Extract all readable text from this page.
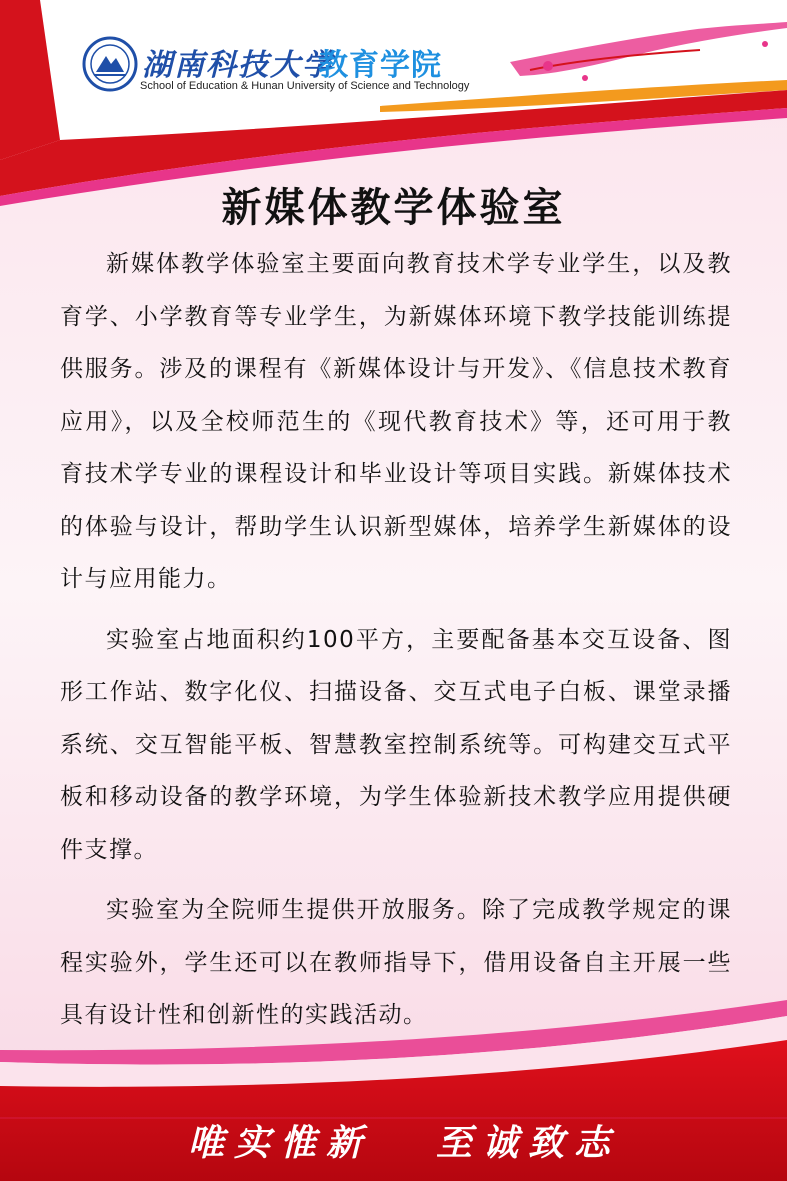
湖南科技大学
教育学院
School of Education & Hunan University of Science and Technology
新媒体教学体验室

新媒体教学体验室主要面向教育技术学专业学生，以及教育学、小学教育等专业学生，为新媒体环境下教学技能训练提供服务。涉及的课程有《新媒体设计与开发》、《信息技术教育应用》，以及全校师范生的《现代教育技术》等，还可用于教育技术学专业的课程设计和毕业设计等项目实践。新媒体技术的体验与设计，帮助学生认识新型媒体，培养学生新媒体的设计与应用能力。

实验室占地面积约100平方，主要配备基本交互设备、图形工作站、数字化仪、扫描设备、交互式电子白板、课堂录播系统、交互智能平板、智慧教室控制系统等。可构建交互式平板和移动设备的教学环境，为学生体验新技术教学应用提供硬件支撑。

实验室为全院师生提供开放服务。除了完成教学规定的课程实验外，学生还可以在教师指导下，借用设备自主开展一些具有设计性和创新性的实践活动。

唯实惟新 至诚致志
